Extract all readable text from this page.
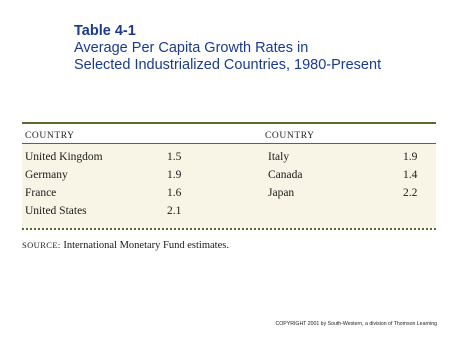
Table 4-1
Average Per Capita Growth Rates in
Selected Industrialized Countries, 1980-Present
COUNTRY	COUNTRY
United Kingdom	1.5	Italy	1.9
Germany	1.9	Canada	1.4
France	1.6	Japan	2.2
United States	2.1
SOURCE: International Monetary Fund estimates.
COPYRIGHT 2001 by South-Western, a division of Thomson Learning
